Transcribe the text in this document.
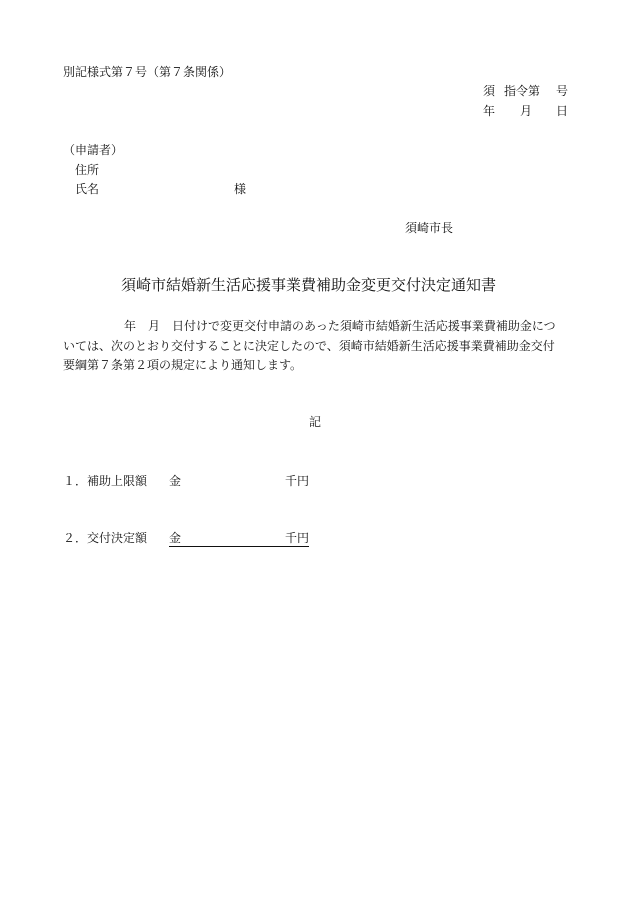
別記様式第７号（第７条関係）
須 指令第 号
年 月 日
（申請者）
住所
氏名	様
須崎市長
須崎市結婚新生活応援事業費補助金変更交付決定通知書
年　月　日付けで変更交付申請のあった須崎市結婚新生活応援事業費補助金につ
いては、次のとおり交付することに決定したので、須崎市結婚新生活応援事業費補助金交付
要綱第７条第２項の規定により通知します。
記
１． 補助上限額 金	千円
２． 交付決定額 金	千円
